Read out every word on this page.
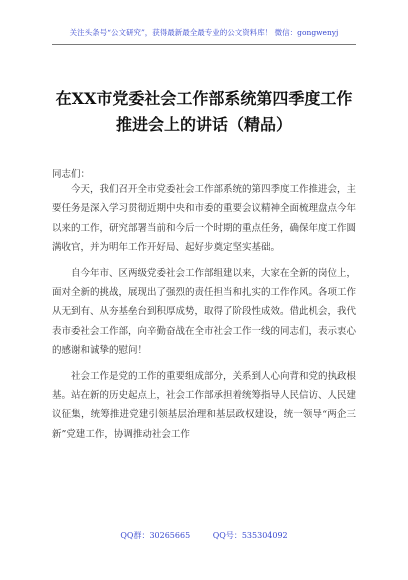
关注头条号“公文研究”，获得最新最全最专业的公文资料库！ 微信：gongwenyj
在XX市党委社会工作部系统第四季度工作推进会上的讲话（精品）
同志们：

今天，我们召开全市党委社会工作部系统的第四季度工作推进会，主要任务是深入学习贯彻近期中央和市委的重要会议精神全面梳理盘点今年以来的工作，研究部署当前和今后一个时期的重点任务，确保年度工作圆满收官，并为明年工作开好局、起好步奠定坚实基础。

自今年市、区两级党委社会工作部组建以来，大家在全新的岗位上，面对全新的挑战，展现出了强烈的责任担当和扎实的工作作风。各项工作从无到有、从夯基垒台到积厚成势，取得了阶段性成效。借此机会，我代表市委社会工作部，向辛勤奋战在全市社会工作一线的同志们，表示衷心的感谢和诚挚的慰问！

社会工作是党的工作的重要组成部分，关系到人心向背和党的执政根基。站在新的历史起点上，社会工作部承担着统筹指导人民信访、人民建议征集，统筹推进党建引领基层治理和基层政权建设，统一领导“两企三新”党建工作，协调推动社会工作

QQ群：30265665	QQ号：535304092
